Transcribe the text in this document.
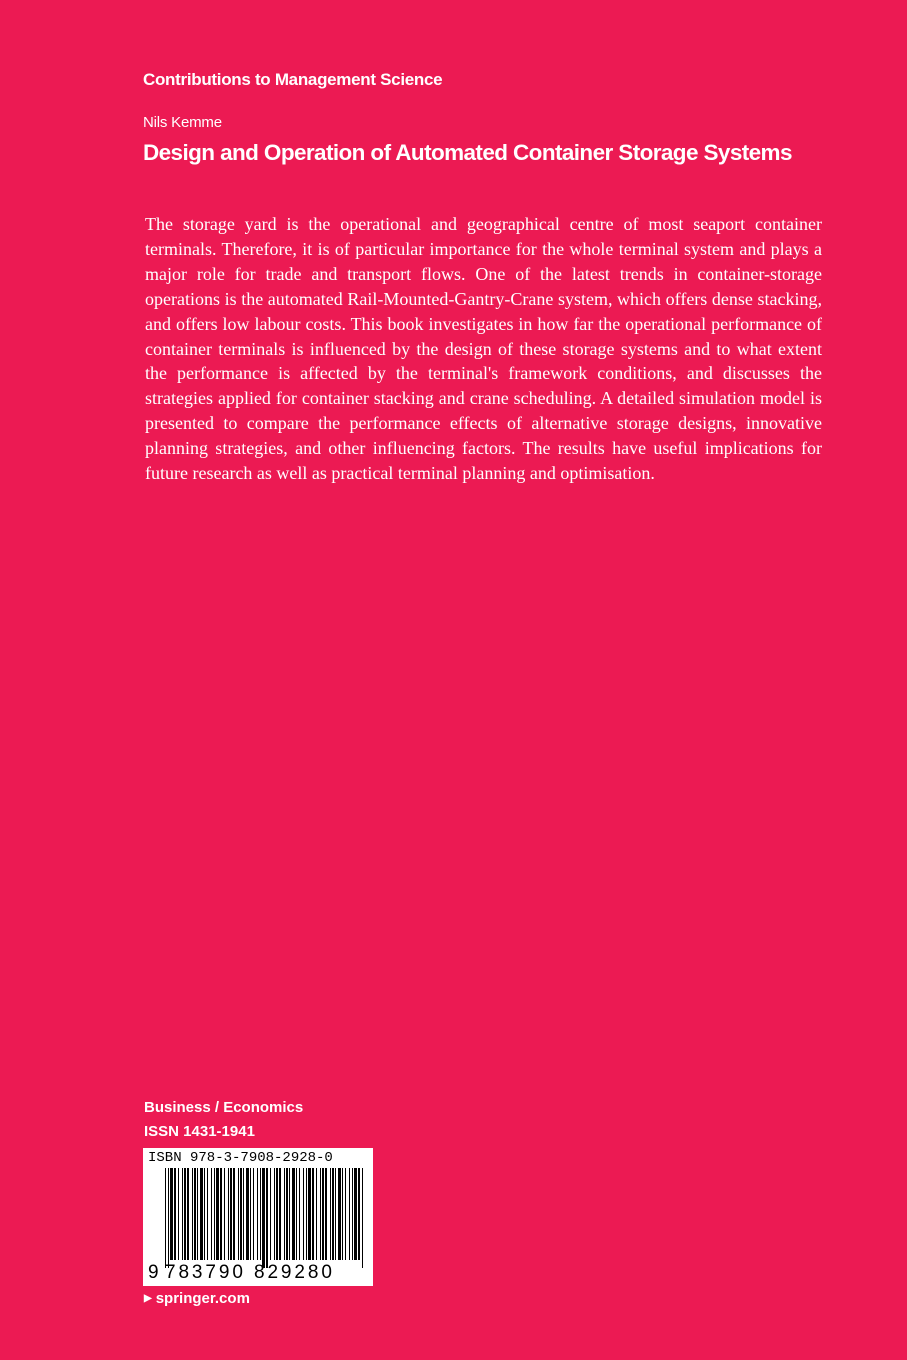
Contributions to Management Science
Nils Kemme
Design and Operation of Automated Container Storage Systems

The storage yard is the operational and geographical centre of most seaport container terminals. Therefore, it is of particular importance for the whole terminal system and plays a major role for trade and transport flows. One of the latest trends in container-storage operations is the automated Rail-Mounted-Gantry-Crane system, which offers dense stacking, and offers low labour costs. This book investigates in how far the operational performance of container terminals is influenced by the design of these storage systems and to what extent the performance is affected by the terminal's framework conditions, and discusses the strategies applied for container stacking and crane scheduling. A detailed simulation model is presented to compare the performance effects of alternative storage designs, innovative planning strategies, and other influencing factors. The results have useful implications for future research as well as practical terminal planning and optimisation.

Business / Economics
ISSN 1431-1941
ISBN 978-3-7908-2928-0
9 783790 829280
▶ springer.com
